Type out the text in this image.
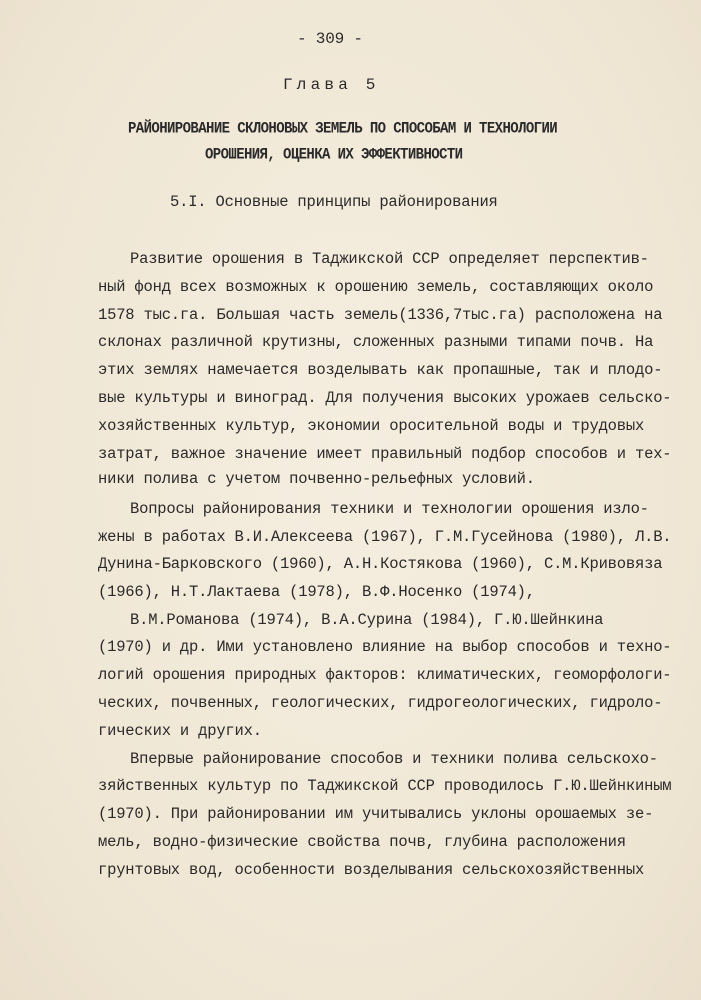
- 309 -
Глава 5
РАЙОНИРОВАНИЕ СКЛОНОВЫХ ЗЕМЕЛЬ ПО СПОСОБАМ И ТЕХНОЛОГИИ
ОРОШЕНИЯ, ОЦЕНКА ИХ ЭФФЕКТИВНОСТИ
5.I. Основные принципы районирования
Развитие орошения в Таджикской ССР определяет перспектив-
ный фонд всех возможных к орошению земель, составляющих около
1578 тыс.га. Большая часть земель(1336,7тыс.га) расположена на
склонах различной крутизны, сложенных разными типами почв. На
этих землях намечается возделывать как пропашные, так и плодо-
вые культуры и виноград. Для получения высоких урожаев сельско-
хозяйственных культур, экономии оросительной воды и трудовых
затрат, важное значение имеет правильный подбор способов и тех-
ники полива с учетом почвенно-рельефных условий.
Вопросы районирования техники и технологии орошения изло-
жены в работах В.И.Алексеева (1967), Г.М.Гусейнова (1980), Л.В.
Дунина-Барковского (1960), А.Н.Костякова (1960), С.М.Кривовяза
(1966), Н.Т.Лактаева (1978), В.Ф.Носенко (1974),
В.М.Романова (1974), В.А.Сурина (1984), Г.Ю.Шейнкина
(1970) и др. Ими установлено влияние на выбор способов и техно-
логий орошения природных факторов: климатических, геоморфологи-
ческих, почвенных, геологических, гидрогеологических, гидроло-
гических и других.
Впервые районирование способов и техники полива сельскохо-
зяйственных культур по Таджикской ССР проводилось Г.Ю.Шейнкиным
(1970). При районировании им учитывались уклоны орошаемых зе-
мель, водно-физические свойства почв, глубина расположения
грунтовых вод, особенности возделывания сельскохозяйственных
